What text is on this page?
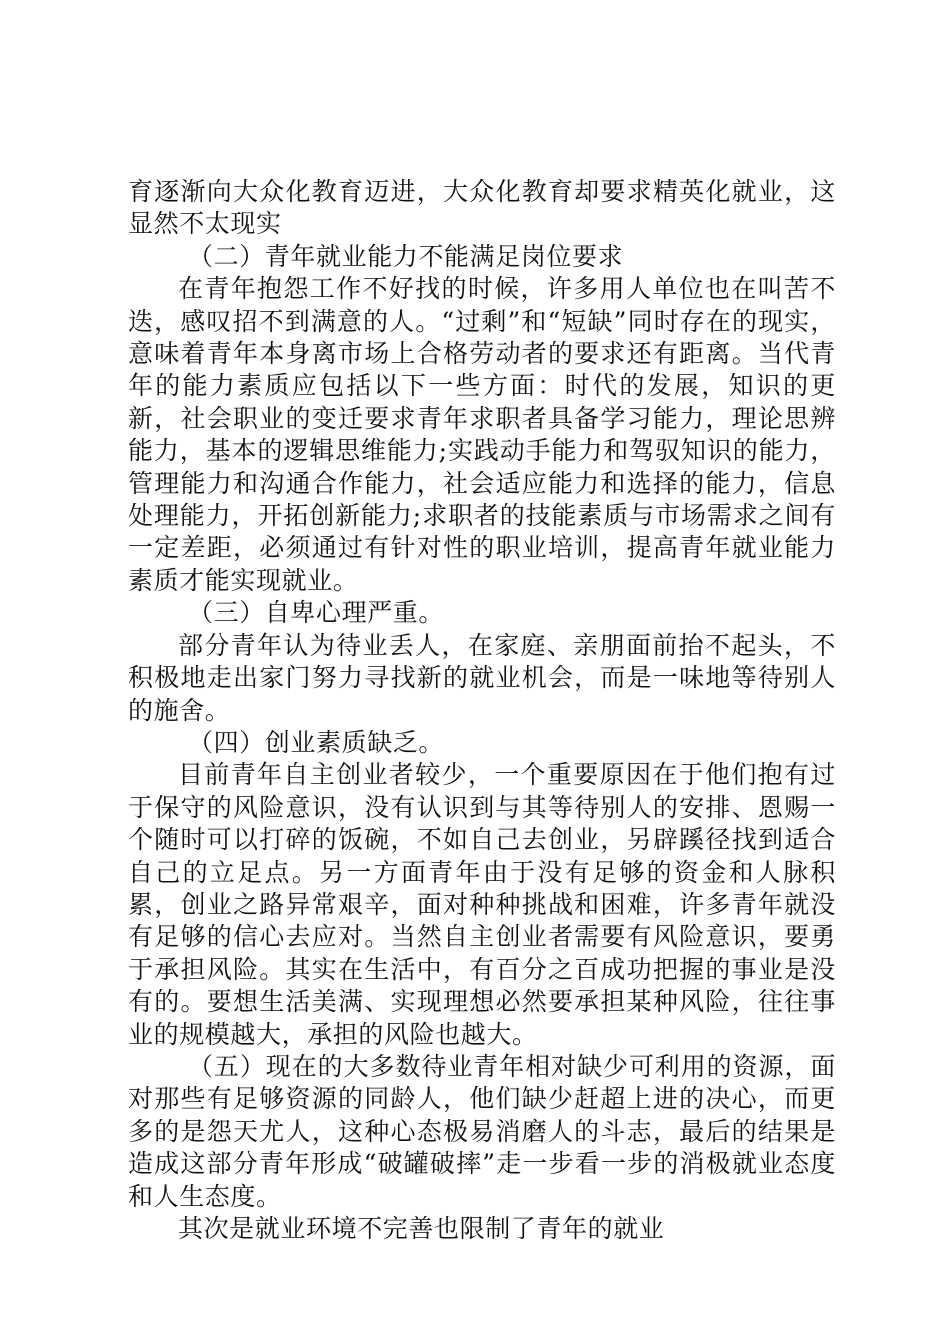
育逐渐向大众化教育迈进，大众化教育却要求精英化就业，这显然不太现实

（二）青年就业能力不能满足岗位要求

在青年抱怨工作不好找的时候，许多用人单位也在叫苦不迭，感叹招不到满意的人。“过剩”和“短缺”同时存在的现实，意味着青年本身离市场上合格劳动者的要求还有距离。当代青年的能力素质应包括以下一些方面：时代的发展，知识的更新，社会职业的变迁要求青年求职者具备学习能力，理论思辨能力，基本的逻辑思维能力;实践动手能力和驾驭知识的能力，管理能力和沟通合作能力，社会适应能力和选择的能力，信息处理能力，开拓创新能力;求职者的技能素质与市场需求之间有一定差距，必须通过有针对性的职业培训，提高青年就业能力素质才能实现就业。

（三）自卑心理严重。

部分青年认为待业丢人，在家庭、亲朋面前抬不起头，不积极地走出家门努力寻找新的就业机会，而是一味地等待别人的施舍。

（四）创业素质缺乏。

目前青年自主创业者较少，一个重要原因在于他们抱有过于保守的风险意识，没有认识到与其等待别人的安排、恩赐一个随时可以打碎的饭碗，不如自己去创业，另辟蹊径找到适合自己的立足点。另一方面青年由于没有足够的资金和人脉积累，创业之路异常艰辛，面对种种挑战和困难，许多青年就没有足够的信心去应对。当然自主创业者需要有风险意识，要勇于承担风险。其实在生活中，有百分之百成功把握的事业是没有的。要想生活美满、实现理想必然要承担某种风险，往往事业的规模越大，承担的风险也越大。

（五）现在的大多数待业青年相对缺少可利用的资源，面对那些有足够资源的同龄人，他们缺少赶超上进的决心，而更多的是怨天尤人，这种心态极易消磨人的斗志，最后的结果是造成这部分青年形成“破罐破摔”走一步看一步的消极就业态度和人生态度。

其次是就业环境不完善也限制了青年的就业
